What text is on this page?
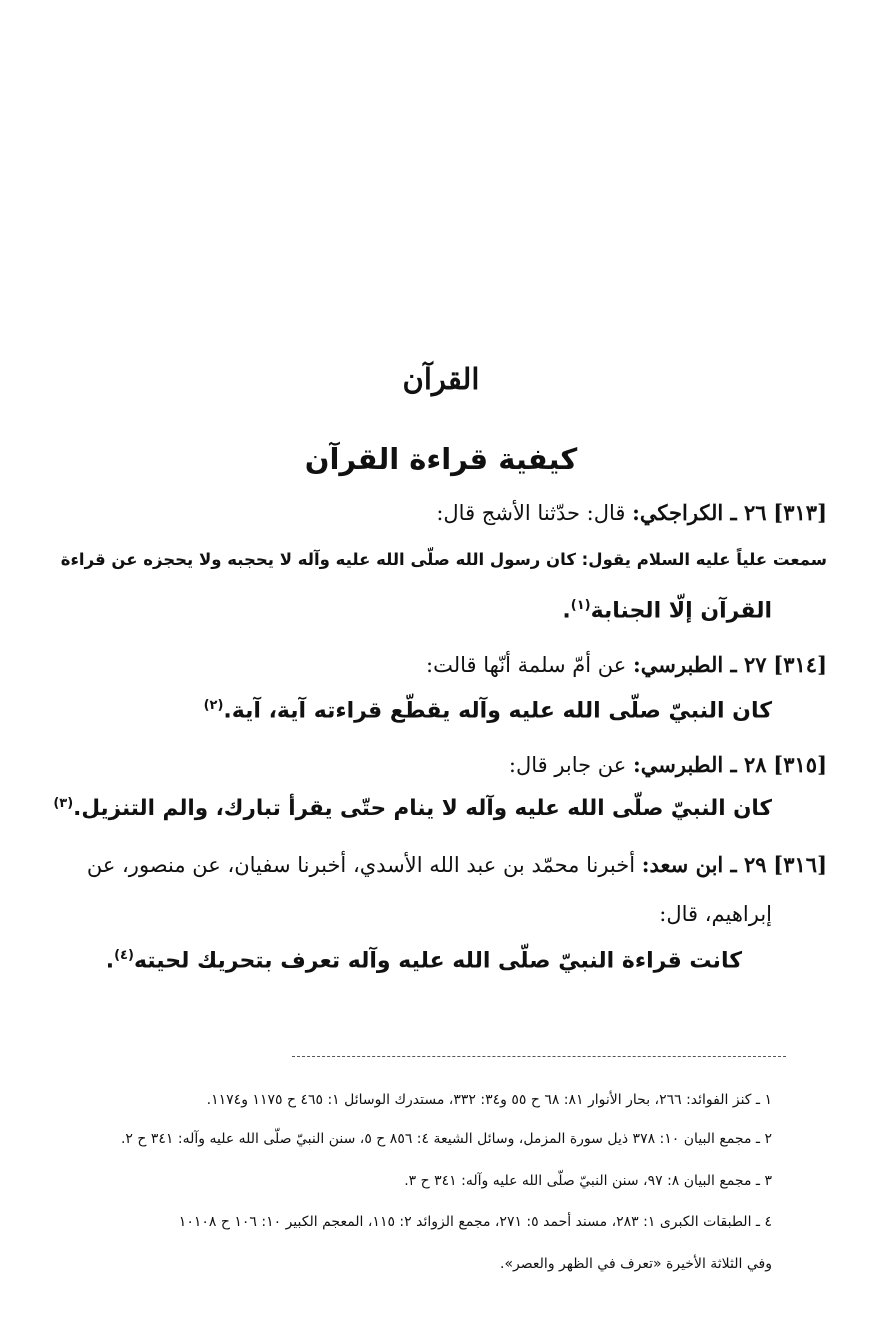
القرآن
كيفية قراءة القرآن

[٣١٣] ٢٦ ـ الكراجكي: قال: حدّثنا الأشج قال:

سمعت علياً عليه السلام يقول: كان رسول الله صلّى الله عليه وآله لا يحجبه ولا يحجزه عن قراءة

القرآن إلّا الجنابة$^{(١)}$.

[٣١٤] ٢٧ ـ الطبرسي: عن أمّ سلمة أنّها قالت:

كان النبيّ صلّى الله عليه وآله يقطّع قراءته آية، آية.$^{(٢)}$

[٣١٥] ٢٨ ـ الطبرسي: عن جابر قال:

كان النبيّ صلّى الله عليه وآله لا ينام حتّى يقرأ تبارك، والم التنزيل.$^{(٣)}$

[٣١٦] ٢٩ ـ ابن سعد: أخبرنا محمّد بن عبد الله الأسدي، أخبرنا سفيان، عن منصور، عن

إبراهيم، قال:

كانت قراءة النبيّ صلّى الله عليه وآله تعرف بتحريك لحيته$^{(٤)}$.

١ ـ كنز الفوائد: ٢٦٦، بحار الأنوار ٨١: ٦٨ ح ٥٥ و٣٤: ٣٣٢، مستدرك الوسائل ١: ٤٦٥ ح ١١٧٥ و١١٧٤.

٢ ـ مجمع البيان ١٠: ٣٧٨ ذيل سورة المزمل، وسائل الشيعة ٤: ٨٥٦ ح ٥، سنن النبيّ صلّى الله عليه وآله: ٣٤١ ح ٢.

٣ ـ مجمع البيان ٨: ٩٧، سنن النبيّ صلّى الله عليه وآله: ٣٤١ ح ٣.

٤ ـ الطبقات الكبرى ١: ٢٨٣، مسند أحمد ٥: ٢٧١، مجمع الزوائد ٢: ١١٥، المعجم الكبير ١٠: ١٠٦ ح ١٠١٠٨

وفي الثلاثة الأخيرة «تعرف في الظهر والعصر».
